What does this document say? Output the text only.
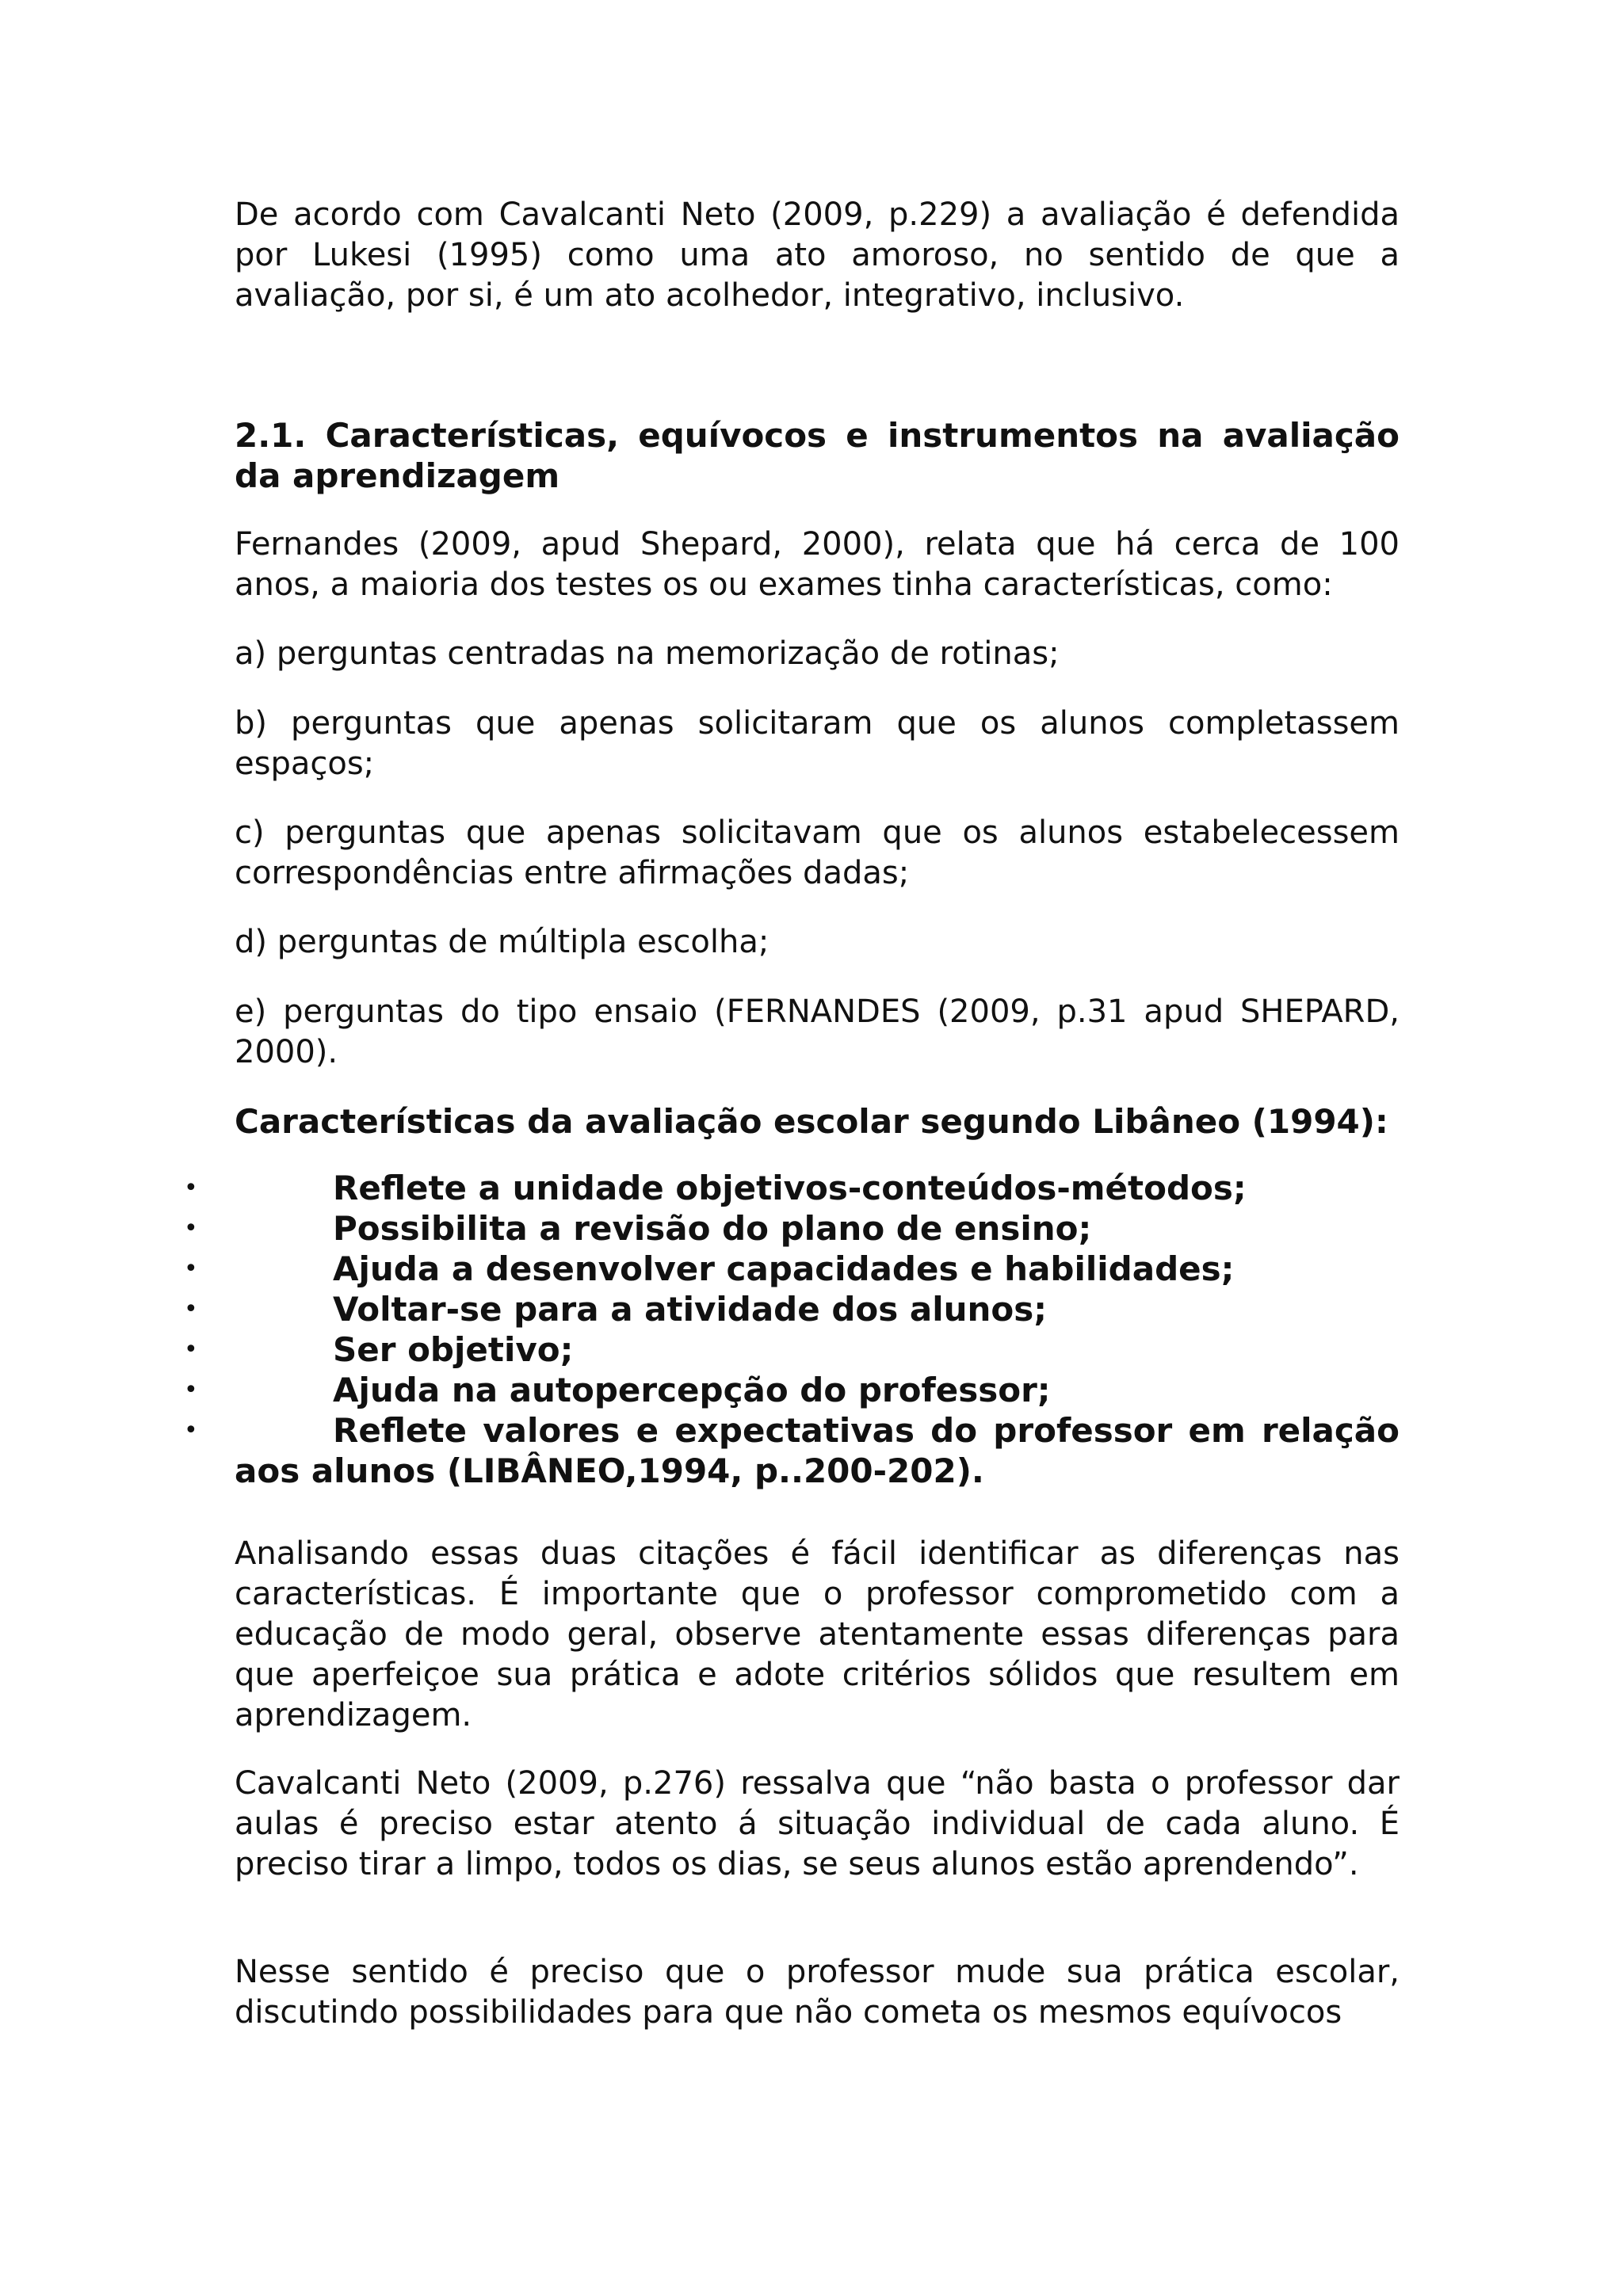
De acordo com Cavalcanti Neto (2009, p.229) a avaliação é defendida por Lukesi (1995) como uma ato amoroso, no sentido de que a avaliação, por si, é um ato acolhedor, integrativo, inclusivo.

2.1. Características, equívocos e instrumentos na avaliação da aprendizagem

Fernandes (2009, apud Shepard, 2000), relata que há cerca de 100 anos, a maioria dos testes os ou exames tinha características, como:

a) perguntas centradas na memorização de rotinas;

b) perguntas que apenas solicitaram que os alunos completassem espaços;

c) perguntas que apenas solicitavam que os alunos estabelecessem correspondências entre afirmações dadas;

d) perguntas de múltipla escolha;

e) perguntas do tipo ensaio (FERNANDES (2009, p.31 apud SHEPARD, 2000).

Características da avaliação escolar segundo Libâneo (1994):

•	Reflete a unidade objetivos-conteúdos-métodos;
•	Possibilita a revisão do plano de ensino;
•	Ajuda a desenvolver capacidades e habilidades;
•	Voltar-se para a atividade dos alunos;
•	Ser objetivo;
•	Ajuda na autopercepção do professor;
•	Reflete valores e expectativas do professor em relação aos alunos (LIBÂNEO,1994, p..200-202).

Analisando essas duas citações é fácil identificar as diferenças nas características. É importante que o professor comprometido com a educação de modo geral, observe atentamente essas diferenças para que aperfeiçoe sua prática e adote critérios sólidos que resultem em aprendizagem.

Cavalcanti Neto (2009, p.276) ressalva que “não basta o professor dar aulas é preciso estar atento á situação individual de cada aluno. É preciso tirar a limpo, todos os dias, se seus alunos estão aprendendo”.

Nesse sentido é preciso que o professor mude sua prática escolar, discutindo possibilidades para que não cometa os mesmos equívocos
